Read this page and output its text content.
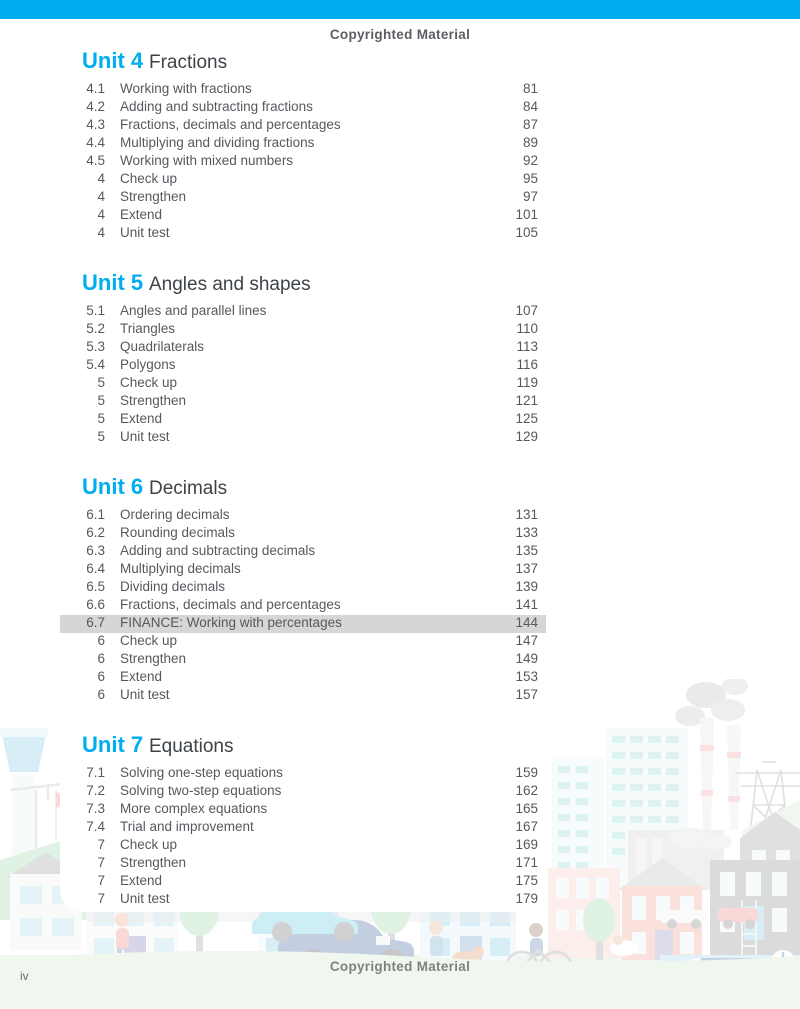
Copyrighted Material
Unit 4 Fractions
4.1	Working with fractions	81
4.2	Adding and subtracting fractions	84
4.3	Fractions, decimals and percentages	87
4.4	Multiplying and dividing fractions	89
4.5	Working with mixed numbers	92
4	Check up	95
4	Strengthen	97
4	Extend	101
4	Unit test	105
Unit 5 Angles and shapes
5.1	Angles and parallel lines	107
5.2	Triangles	110
5.3	Quadrilaterals	113
5.4	Polygons	116
5	Check up	119
5	Strengthen	121
5	Extend	125
5	Unit test	129
Unit 6 Decimals
6.1	Ordering decimals	131
6.2	Rounding decimals	133
6.3	Adding and subtracting decimals	135
6.4	Multiplying decimals	137
6.5	Dividing decimals	139
6.6	Fractions, decimals and percentages	141
6.7	FINANCE: Working with percentages	144
6	Check up	147
6	Strengthen	149
6	Extend	153
6	Unit test	157
Unit 7 Equations
7.1	Solving one-step equations	159
7.2	Solving two-step equations	162
7.3	More complex equations	165
7.4	Trial and improvement	167
7	Check up	169
7	Strengthen	171
7	Extend	175
7	Unit test	179
Copyrighted Material
iv
